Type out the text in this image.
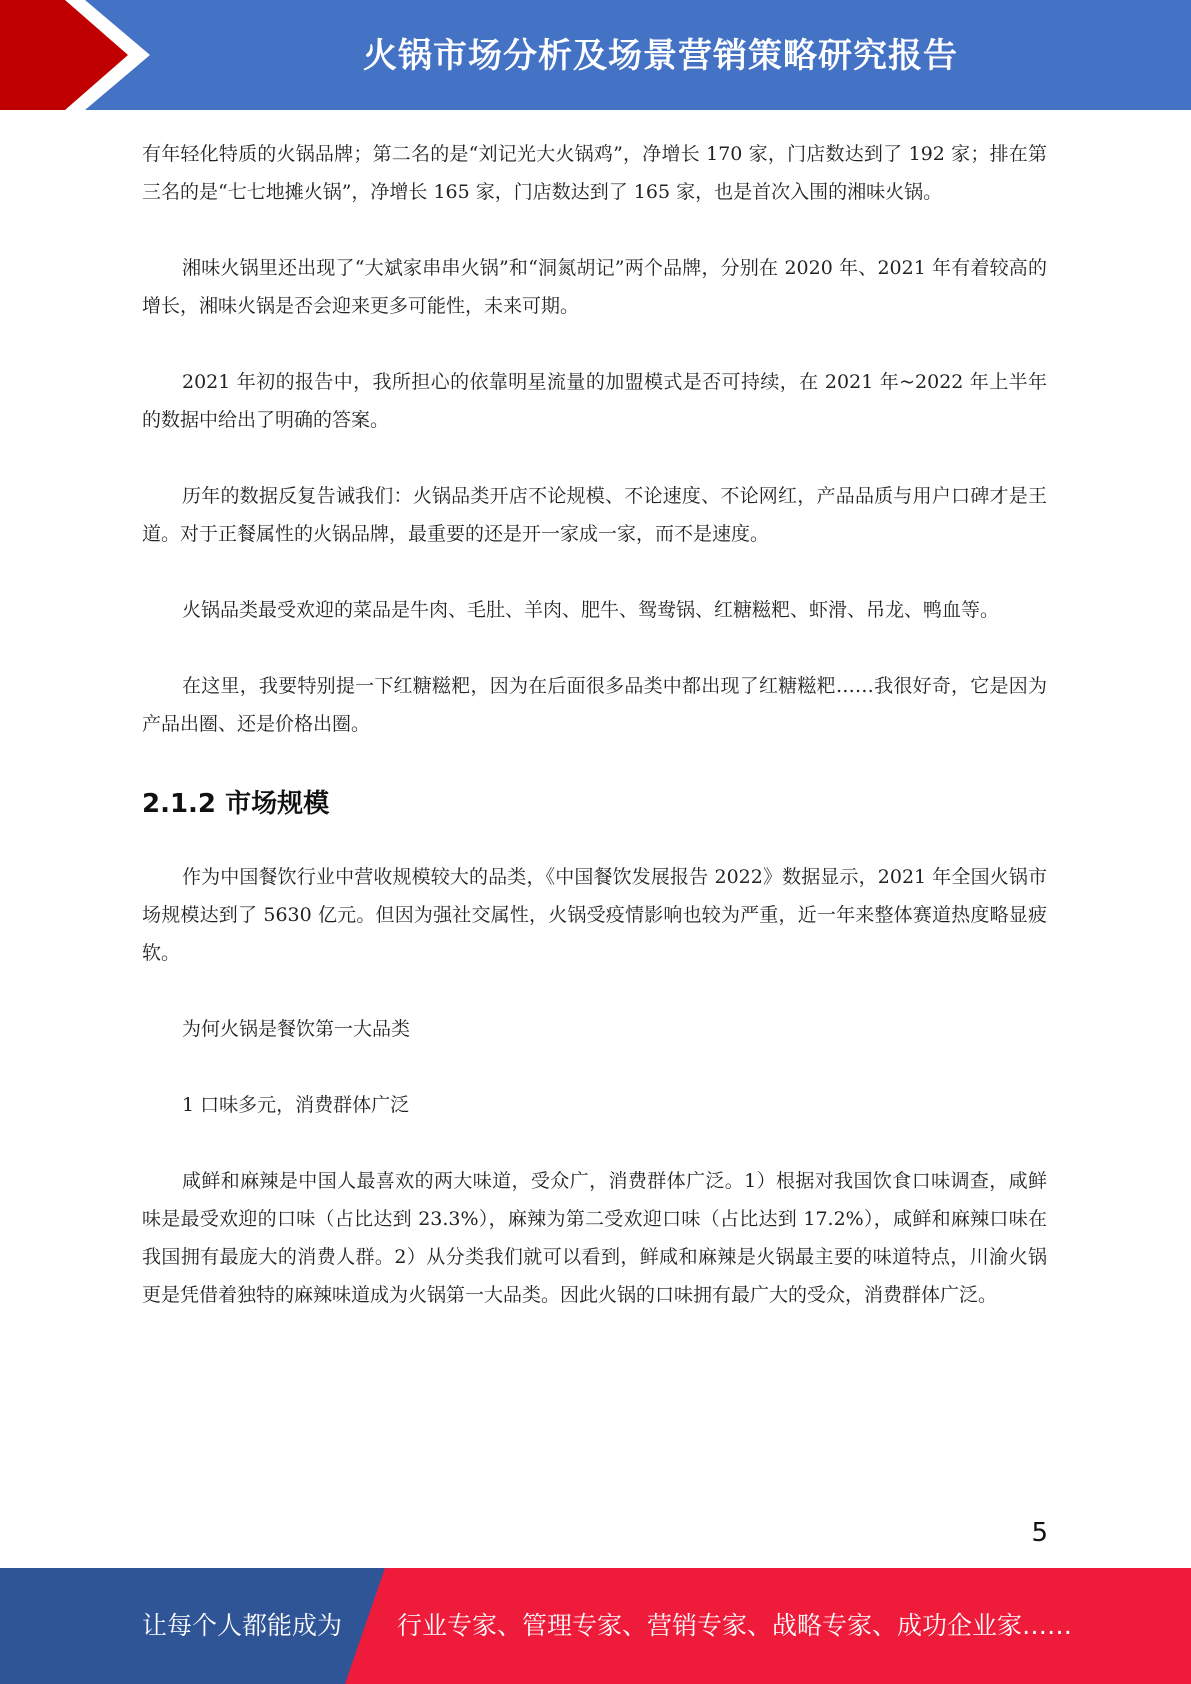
火锅市场分析及场景营销策略研究报告

有年轻化特质的火锅品牌；第二名的是“刘记光大火锅鸡”，净增长 170 家，门店数达到了 192 家；排在第三名的是“七七地摊火锅”，净增长 165 家，门店数达到了 165 家，也是首次入围的湘味火锅。

湘味火锅里还出现了“大斌家串串火锅”和“洞氮胡记”两个品牌，分别在 2020 年、2021 年有着较高的增长，湘味火锅是否会迎来更多可能性，未来可期。

2021 年初的报告中，我所担心的依靠明星流量的加盟模式是否可持续，在 2021 年~2022 年上半年的数据中给出了明确的答案。

历年的数据反复告诫我们：火锅品类开店不论规模、不论速度、不论网红，产品品质与用户口碑才是王道。对于正餐属性的火锅品牌，最重要的还是开一家成一家，而不是速度。

火锅品类最受欢迎的菜品是牛肉、毛肚、羊肉、肥牛、鸳鸯锅、红糖糍粑、虾滑、吊龙、鸭血等。

在这里，我要特别提一下红糖糍粑，因为在后面很多品类中都出现了红糖糍粑……我很好奇，它是因为产品出圈、还是价格出圈。

2.1.2 市场规模

作为中国餐饮行业中营收规模较大的品类，《中国餐饮发展报告 2022》数据显示，2021 年全国火锅市场规模达到了 5630 亿元。但因为强社交属性，火锅受疫情影响也较为严重，近一年来整体赛道热度略显疲软。

为何火锅是餐饮第一大品类

1 口味多元，消费群体广泛

咸鲜和麻辣是中国人最喜欢的两大味道，受众广，消费群体广泛。1）根据对我国饮食口味调查，咸鲜味是最受欢迎的口味（占比达到 23.3%），麻辣为第二受欢迎口味（占比达到 17.2%），咸鲜和麻辣口味在我国拥有最庞大的消费人群。2）从分类我们就可以看到，鲜咸和麻辣是火锅最主要的味道特点，川渝火锅更是凭借着独特的麻辣味道成为火锅第一大品类。因此火锅的口味拥有最广大的受众，消费群体广泛。

5
让每个人都能成为 行业专家、管理专家、营销专家、战略专家、成功企业家……
